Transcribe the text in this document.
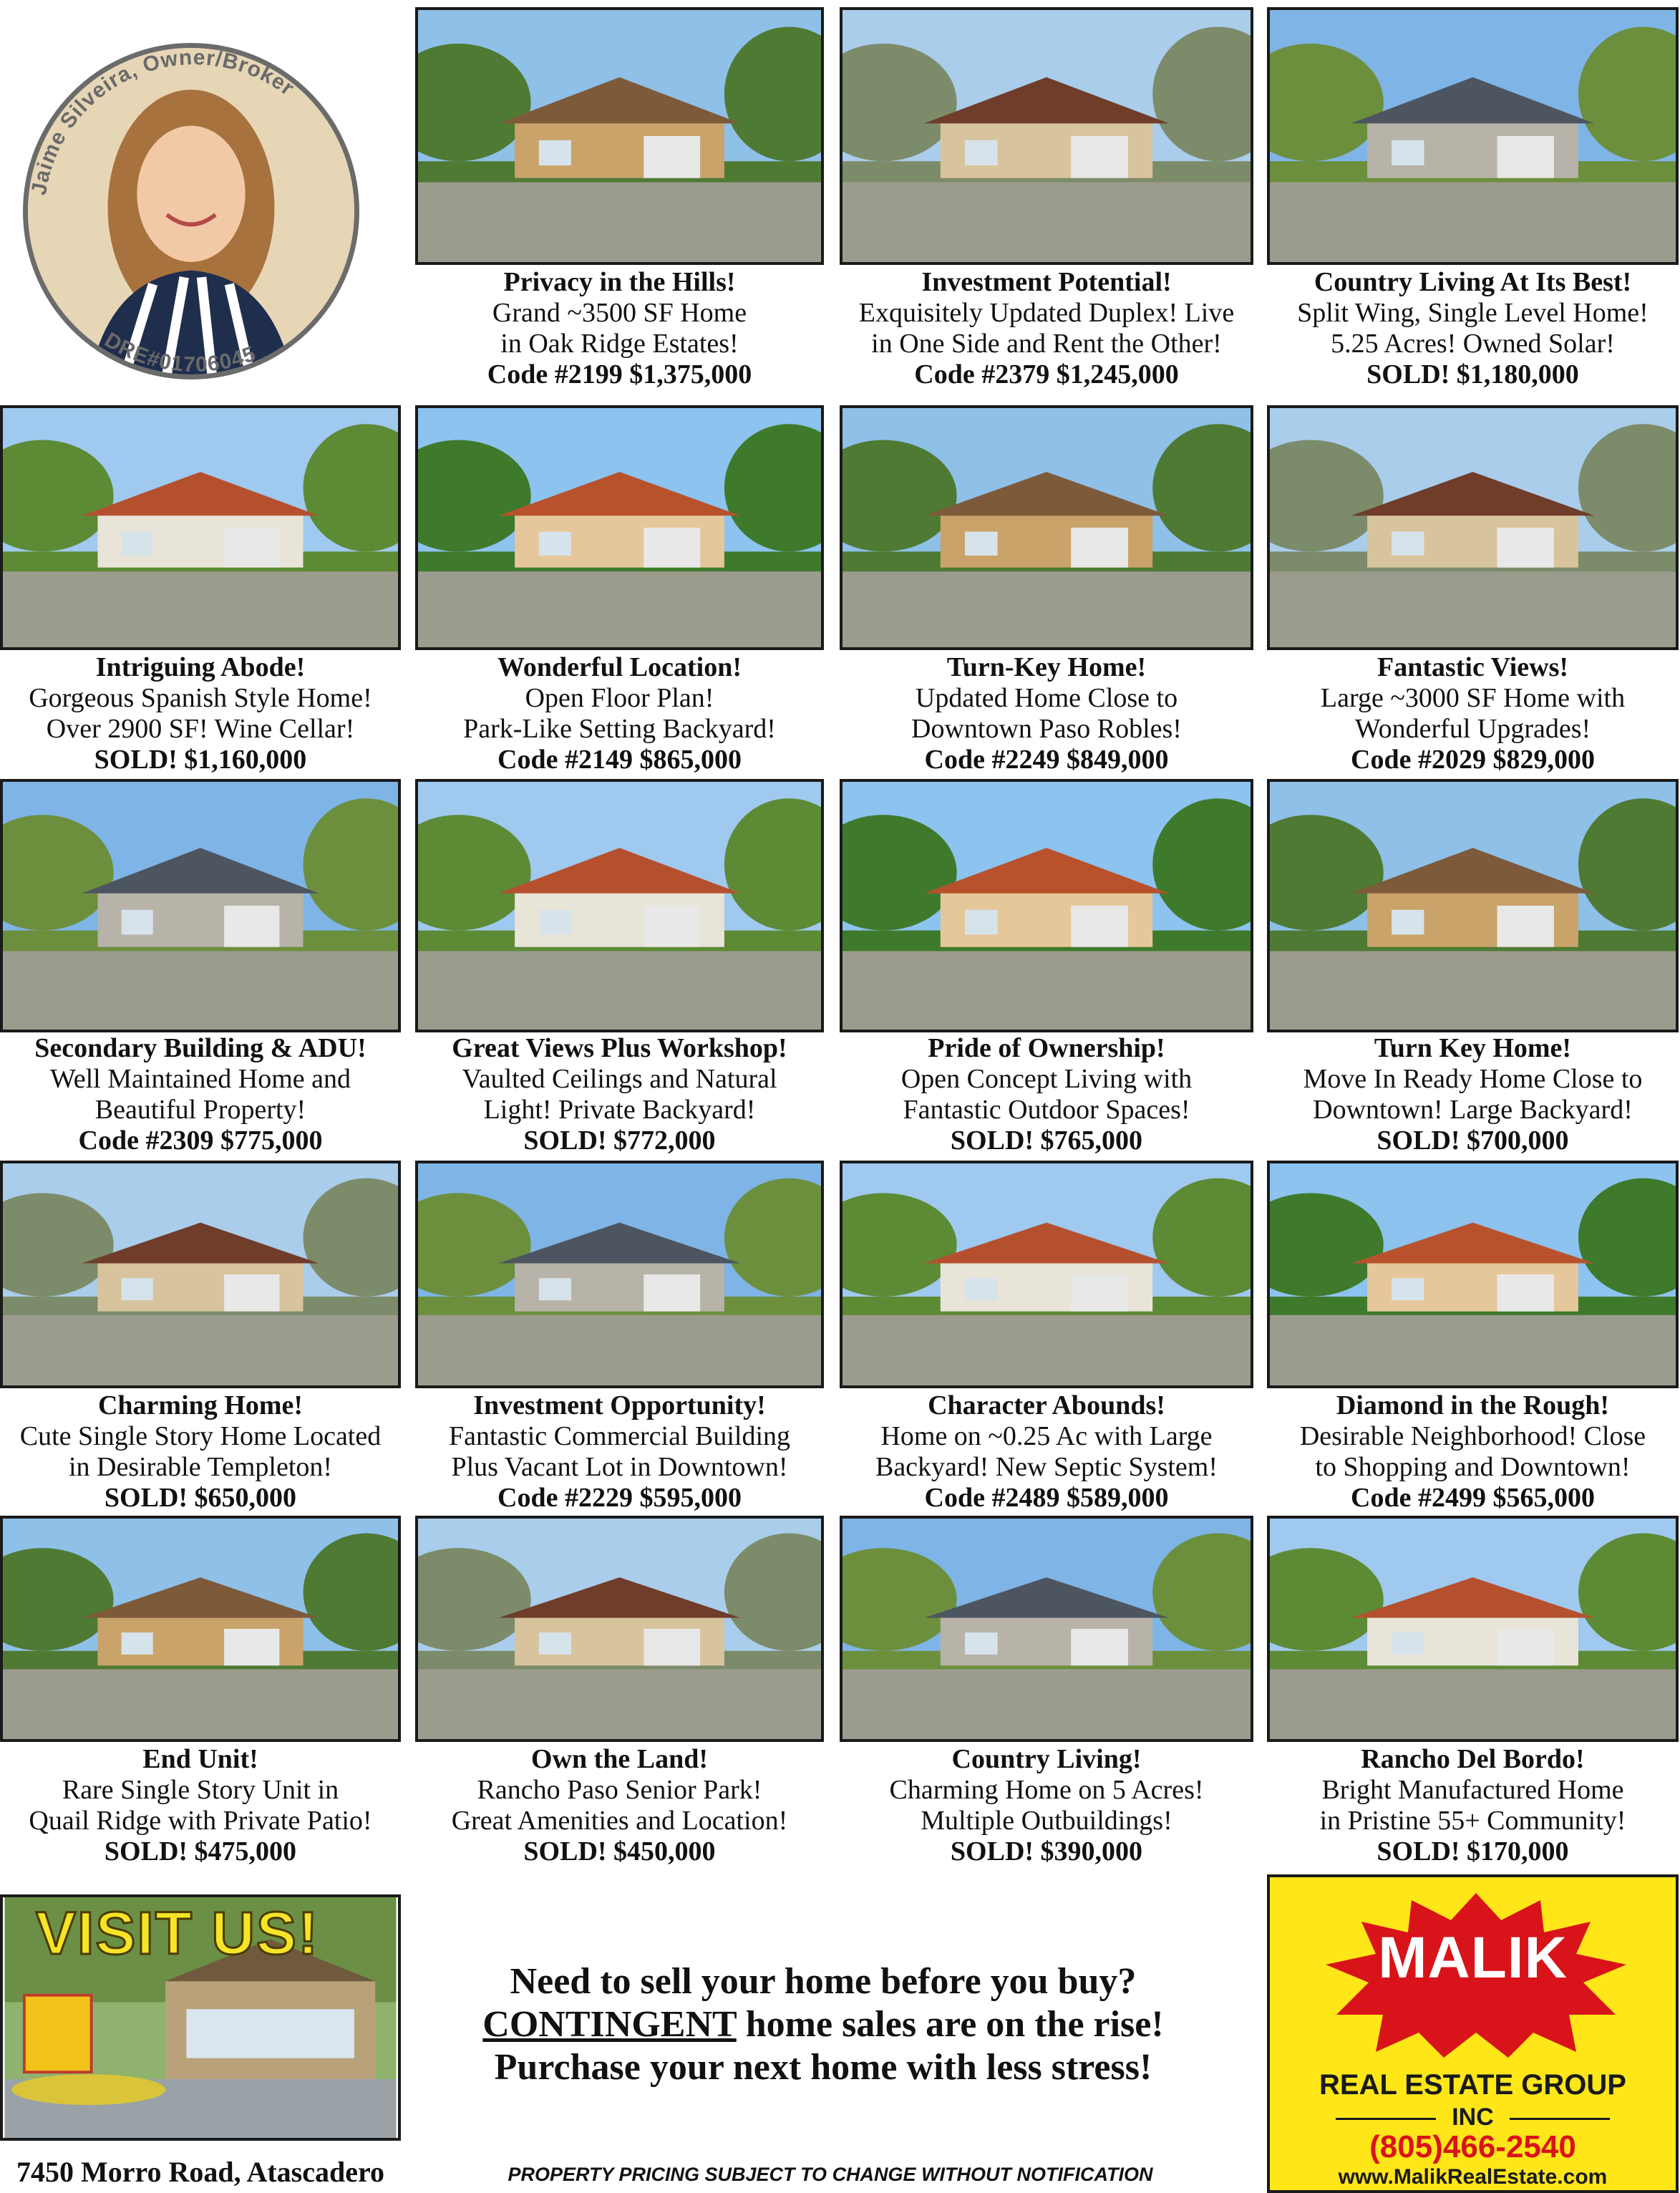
Jaime Silveira, Owner/Broker
DRE#01706045
Privacy in the Hills!
Grand ~3500 SF Home
in Oak Ridge Estates!
Code #2199 $1,375,000
Investment Potential!
Exquisitely Updated Duplex! Live
in One Side and Rent the Other!
Code #2379 $1,245,000
Country Living At Its Best!
Split Wing, Single Level Home!
5.25 Acres! Owned Solar!
SOLD! $1,180,000
Intriguing Abode!
Gorgeous Spanish Style Home!
Over 2900 SF! Wine Cellar!
SOLD! $1,160,000
Wonderful Location!
Open Floor Plan!
Park-Like Setting Backyard!
Code #2149 $865,000
Turn-Key Home!
Updated Home Close to
Downtown Paso Robles!
Code #2249 $849,000
Fantastic Views!
Large ~3000 SF Home with
Wonderful Upgrades!
Code #2029 $829,000
Secondary Building & ADU!
Well Maintained Home and
Beautiful Property!
Code #2309 $775,000
Great Views Plus Workshop!
Vaulted Ceilings and Natural
Light! Private Backyard!
SOLD! $772,000
Pride of Ownership!
Open Concept Living with
Fantastic Outdoor Spaces!
SOLD! $765,000
Turn Key Home!
Move In Ready Home Close to
Downtown! Large Backyard!
SOLD! $700,000
Charming Home!
Cute Single Story Home Located
in Desirable Templeton!
SOLD! $650,000
Investment Opportunity!
Fantastic Commercial Building
Plus Vacant Lot in Downtown!
Code #2229 $595,000
Character Abounds!
Home on ~0.25 Ac with Large
Backyard! New Septic System!
Code #2489 $589,000
Diamond in the Rough!
Desirable Neighborhood! Close
to Shopping and Downtown!
Code #2499 $565,000
End Unit!
Rare Single Story Unit in
Quail Ridge with Private Patio!
SOLD! $475,000
Own the Land!
Rancho Paso Senior Park!
Great Amenities and Location!
SOLD! $450,000
Country Living!
Charming Home on 5 Acres!
Multiple Outbuildings!
SOLD! $390,000
Rancho Del Bordo!
Bright Manufactured Home
in Pristine 55+ Community!
SOLD! $170,000
VISIT US!
7450 Morro Road, Atascadero
Need to sell your home before you buy?
CONTINGENT home sales are on the rise!
Purchase your next home with less stress!
PROPERTY PRICING SUBJECT TO CHANGE WITHOUT NOTIFICATION
MALIK
REAL ESTATE GROUP
INC
(805)466-2540
www.MalikRealEstate.com
